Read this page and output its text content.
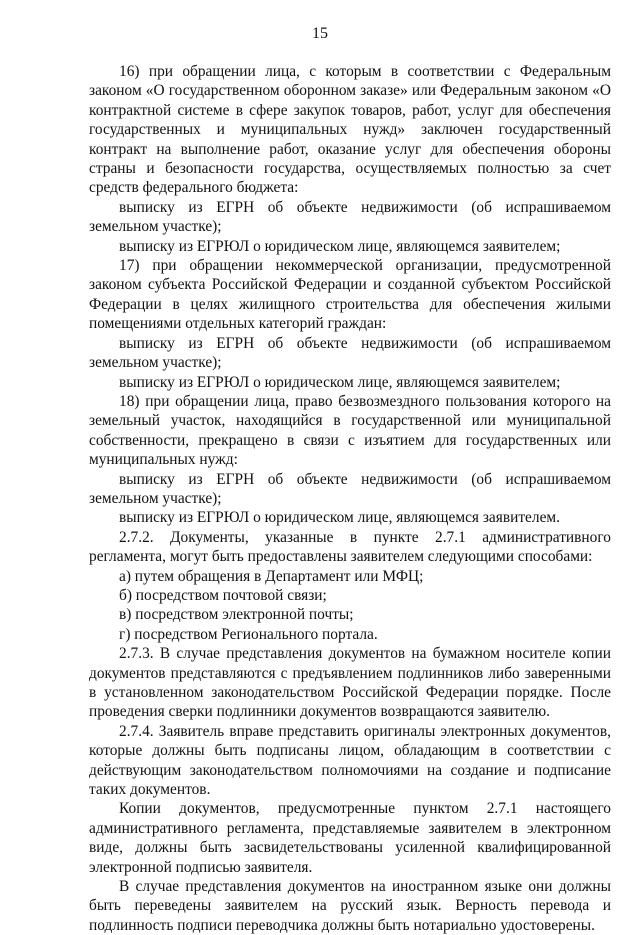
15

16) при обращении лица, с которым в соответствии с Федеральным законом «О государственном оборонном заказе» или Федеральным законом «О контрактной системе в сфере закупок товаров, работ, услуг для обеспечения государственных и муниципальных нужд» заключен государственный контракт на выполнение работ, оказание услуг для обеспечения обороны страны и безопасности государства, осуществляемых полностью за счет средств федерального бюджета:

выписку из ЕГРН об объекте недвижимости (об испрашиваемом земельном участке);

выписку из ЕГРЮЛ о юридическом лице, являющемся заявителем;

17) при обращении некоммерческой организации, предусмотренной законом субъекта Российской Федерации и созданной субъектом Российской Федерации в целях жилищного строительства для обеспечения жилыми помещениями отдельных категорий граждан:

выписку из ЕГРН об объекте недвижимости (об испрашиваемом земельном участке);

выписку из ЕГРЮЛ о юридическом лице, являющемся заявителем;

18) при обращении лица, право безвозмездного пользования которого на земельный участок, находящийся в государственной или муниципальной собственности, прекращено в связи с изъятием для государственных или муниципальных нужд:

выписку из ЕГРН об объекте недвижимости (об испрашиваемом земельном участке);

выписку из ЕГРЮЛ о юридическом лице, являющемся заявителем.

2.7.2. Документы, указанные в пункте 2.7.1 административного регламента, могут быть предоставлены заявителем следующими способами:

а) путем обращения в Департамент или МФЦ;

б) посредством почтовой связи;

в) посредством электронной почты;

г) посредством Регионального портала.

2.7.3. В случае представления документов на бумажном носителе копии документов представляются с предъявлением подлинников либо заверенными в установленном законодательством Российской Федерации порядке. После проведения сверки подлинники документов возвращаются заявителю.

2.7.4. Заявитель вправе представить оригиналы электронных документов, которые должны быть подписаны лицом, обладающим в соответствии с действующим законодательством полномочиями на создание и подписание таких документов.

Копии документов, предусмотренные пунктом 2.7.1 настоящего административного регламента, представляемые заявителем в электронном виде, должны быть засвидетельствованы усиленной квалифицированной электронной подписью заявителя.

В случае представления документов на иностранном языке они должны быть переведены заявителем на русский язык. Верность перевода и подлинность подписи переводчика должны быть нотариально удостоверены.
